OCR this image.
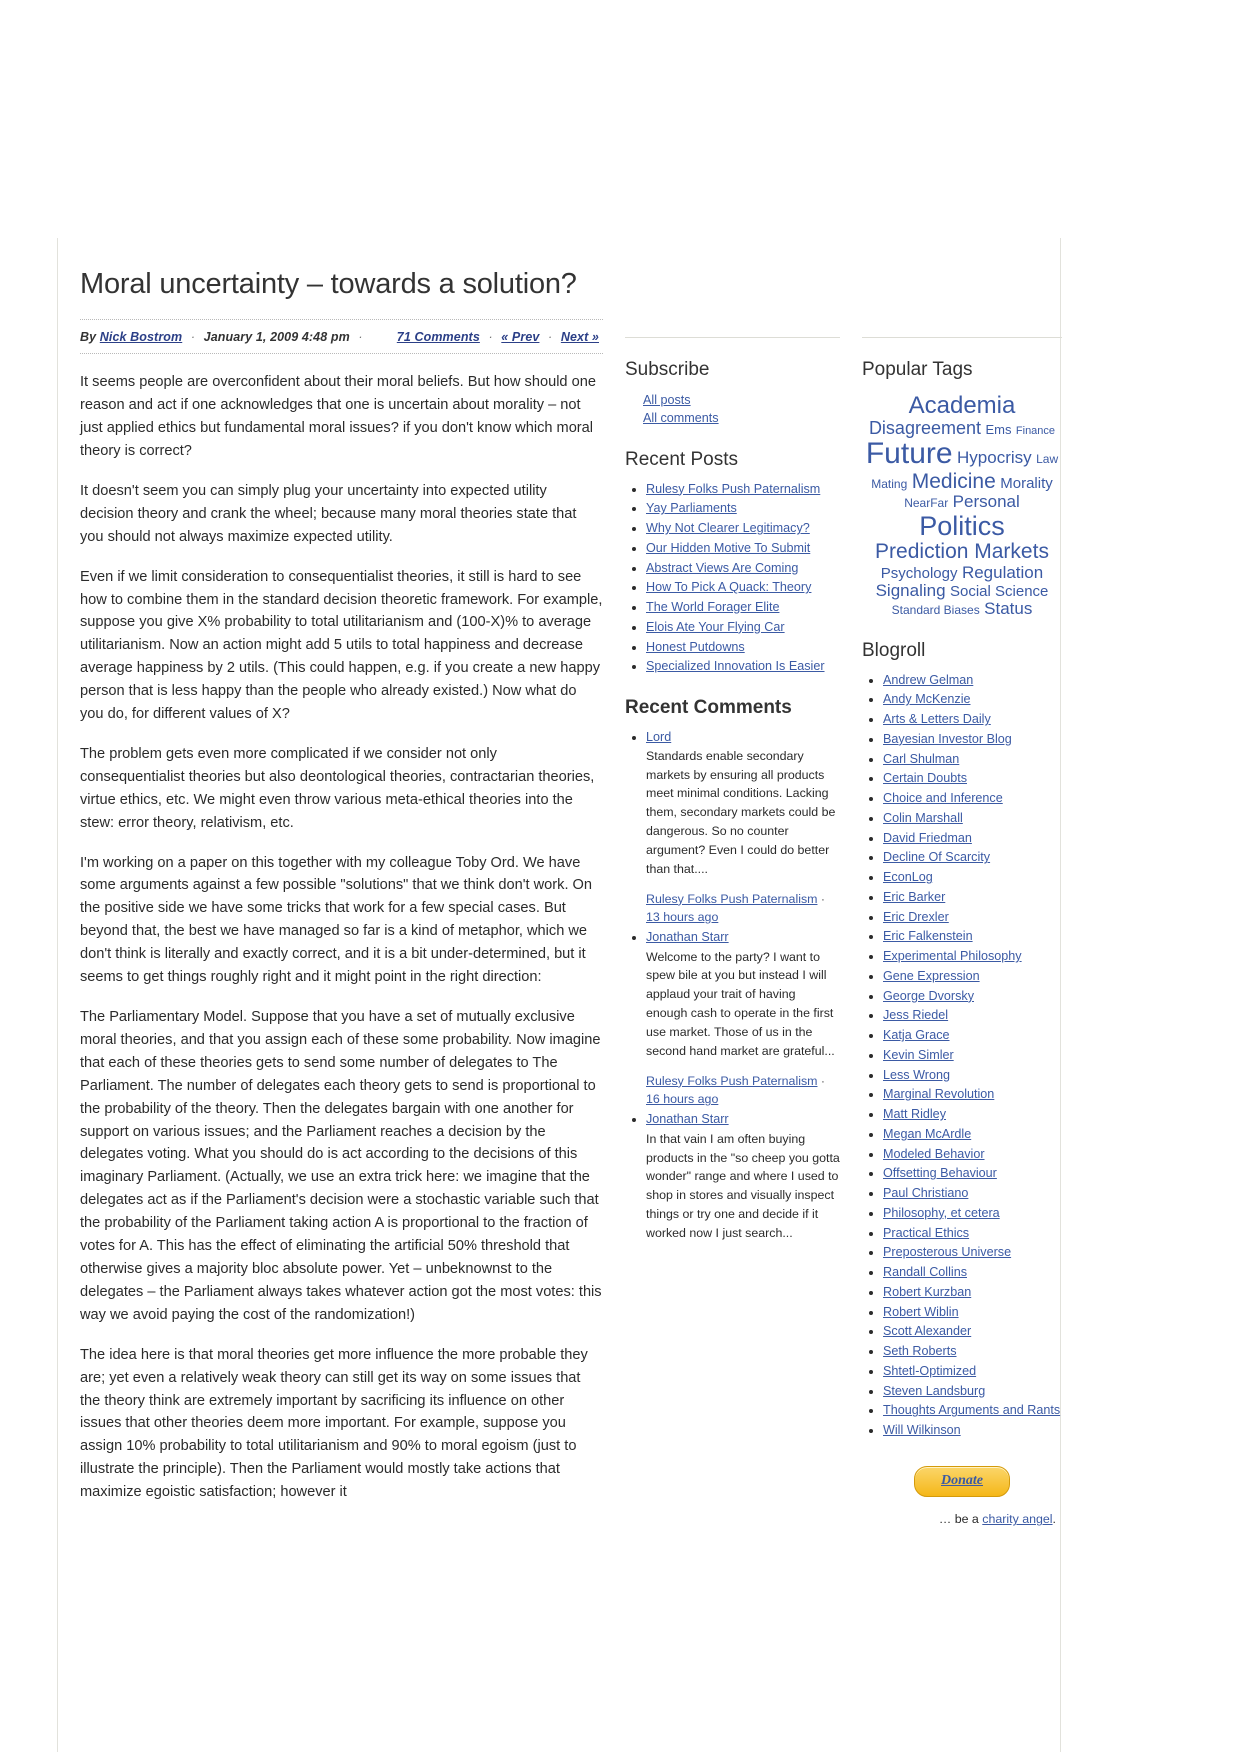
Moral uncertainty – towards a solution?
By Nick Bostrom · January 1, 2009 4:48 pm ·	71 Comments · « Prev · Next »

It seems people are overconfident about their moral beliefs. But how should one reason and act if one acknowledges that one is uncertain about morality – not just applied ethics but fundamental moral issues? if you don't know which moral theory is correct?

It doesn't seem you can simply plug your uncertainty into expected utility decision theory and crank the wheel; because many moral theories state that you should not always maximize expected utility.

Even if we limit consideration to consequentialist theories, it still is hard to see how to combine them in the standard decision theoretic framework. For example, suppose you give X% probability to total utilitarianism and (100-X)% to average utilitarianism. Now an action might add 5 utils to total happiness and decrease average happiness by 2 utils. (This could happen, e.g. if you create a new happy person that is less happy than the people who already existed.) Now what do you do, for different values of X?

The problem gets even more complicated if we consider not only consequentialist theories but also deontological theories, contractarian theories, virtue ethics, etc. We might even throw various meta-ethical theories into the stew: error theory, relativism, etc.

I'm working on a paper on this together with my colleague Toby Ord. We have some arguments against a few possible "solutions" that we think don't work. On the positive side we have some tricks that work for a few special cases. But beyond that, the best we have managed so far is a kind of metaphor, which we don't think is literally and exactly correct, and it is a bit under-determined, but it seems to get things roughly right and it might point in the right direction:

The Parliamentary Model. Suppose that you have a set of mutually exclusive moral theories, and that you assign each of these some probability. Now imagine that each of these theories gets to send some number of delegates to The Parliament. The number of delegates each theory gets to send is proportional to the probability of the theory. Then the delegates bargain with one another for support on various issues; and the Parliament reaches a decision by the delegates voting. What you should do is act according to the decisions of this imaginary Parliament. (Actually, we use an extra trick here: we imagine that the delegates act as if the Parliament's decision were a stochastic variable such that the probability of the Parliament taking action A is proportional to the fraction of votes for A. This has the effect of eliminating the artificial 50% threshold that otherwise gives a majority bloc absolute power. Yet – unbeknownst to the delegates – the Parliament always takes whatever action got the most votes: this way we avoid paying the cost of the randomization!)

The idea here is that moral theories get more influence the more probable they are; yet even a relatively weak theory can still get its way on some issues that the theory think are extremely important by sacrificing its influence on other issues that other theories deem more important. For example, suppose you assign 10% probability to total utilitarianism and 90% to moral egoism (just to illustrate the principle). Then the Parliament would mostly take actions that maximize egoistic satisfaction; however it

Subscribe
All posts
All comments
Recent Posts
• Rulesy Folks Push Paternalism
• Yay Parliaments
• Why Not Clearer Legitimacy?
• Our Hidden Motive To Submit
• Abstract Views Are Coming
• How To Pick A Quack: Theory
• The World Forager Elite
• Elois Ate Your Flying Car
• Honest Putdowns
• Specialized Innovation Is Easier
Recent Comments
• Lord
Standards enable secondary markets by ensuring all products meet minimal conditions. Lacking them, secondary markets could be dangerous. So no counter argument? Even I could do better than that....
Rulesy Folks Push Paternalism · 13 hours ago
• Jonathan Starr
Welcome to the party? I want to spew bile at you but instead I will applaud your trait of having enough cash to operate in the first use market. Those of us in the second hand market are grateful...
Rulesy Folks Push Paternalism · 16 hours ago
• Jonathan Starr
In that vain I am often buying products in the "so cheep you gotta wonder" range and where I used to shop in stores and visually inspect things or try one and decide if it worked now I just search...
Popular Tags
Academia Disagreement Ems Finance Future Hypocrisy Law Mating Medicine Morality NearFar Personal Politics Prediction Markets Psychology Regulation Signaling Social Science Standard Biases Status
Blogroll
• Andrew Gelman
• Andy McKenzie
• Arts & Letters Daily
• Bayesian Investor Blog
• Carl Shulman
• Certain Doubts
• Choice and Inference
• Colin Marshall
• David Friedman
• Decline Of Scarcity
• EconLog
• Eric Barker
• Eric Drexler
• Eric Falkenstein
• Experimental Philosophy
• Gene Expression
• George Dvorsky
• Jess Riedel
• Katja Grace
• Kevin Simler
• Less Wrong
• Marginal Revolution
• Matt Ridley
• Megan McArdle
• Modeled Behavior
• Offsetting Behaviour
• Paul Christiano
• Philosophy, et cetera
• Practical Ethics
• Preposterous Universe
• Randall Collins
• Robert Kurzban
• Robert Wiblin
• Scott Alexander
• Seth Roberts
• Shtetl-Optimized
• Steven Landsburg
• Thoughts Arguments and Rants
• Will Wilkinson
Donate
… be a charity angel.
